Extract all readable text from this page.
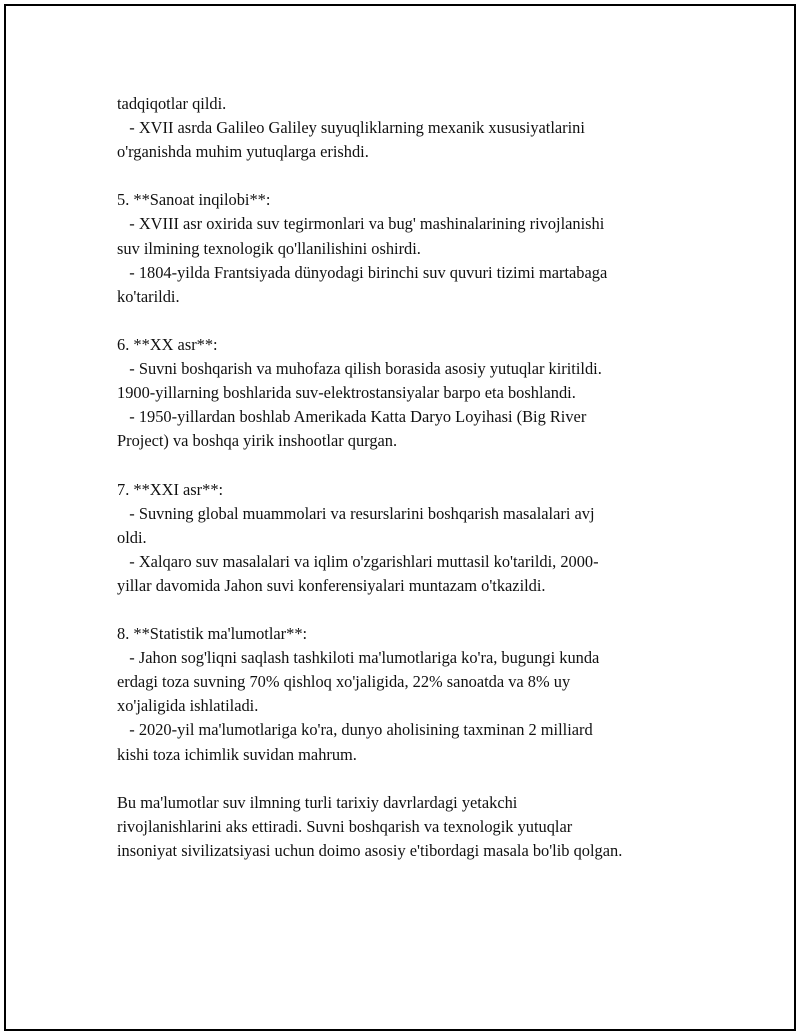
tadqiqotlar qildi.
- XVII asrda Galileo Galiley suyuqliklarning mexanik xususiyatlarini
o'rganishda muhim yutuqlarga erishdi.
5. **Sanoat inqilobi**:
- XVIII asr oxirida suv tegirmonlari va bug' mashinalarining rivojlanishi
suv ilmining texnologik qo'llanilishini oshirdi.
- 1804-yilda Frantsiyada dünyodagi birinchi suv quvuri tizimi martabaga
ko'tarildi.
6. **XX asr**:
- Suvni boshqarish va muhofaza qilish borasida asosiy yutuqlar kiritildi.
1900-yillarning boshlarida suv-elektrostansiyalar barpo eta boshlandi.
- 1950-yillardan boshlab Amerikada Katta Daryo Loyihasi (Big River
Project) va boshqa yirik inshootlar qurgan.
7. **XXI asr**:
- Suvning global muammolari va resurslarini boshqarish masalalari avj
oldi.
- Xalqaro suv masalalari va iqlim o'zgarishlari muttasil ko'tarildi, 2000-
yillar davomida Jahon suvi konferensiyalari muntazam o'tkazildi.
8. **Statistik ma'lumotlar**:
- Jahon sog'liqni saqlash tashkiloti ma'lumotlariga ko'ra, bugungi kunda
erdagi toza suvning 70% qishloq xo'jaligida, 22% sanoatda va 8% uy
xo'jaligida ishlatiladi.
- 2020-yil ma'lumotlariga ko'ra, dunyo aholisining taxminan 2 milliard
kishi toza ichimlik suvidan mahrum.
Bu ma'lumotlar suv ilmning turli tarixiy davrlardagi yetakchi
rivojlanishlarini aks ettiradi. Suvni boshqarish va texnologik yutuqlar
insoniyat sivilizatsiyasi uchun doimo asosiy e'tibordagi masala bo'lib qolgan.
